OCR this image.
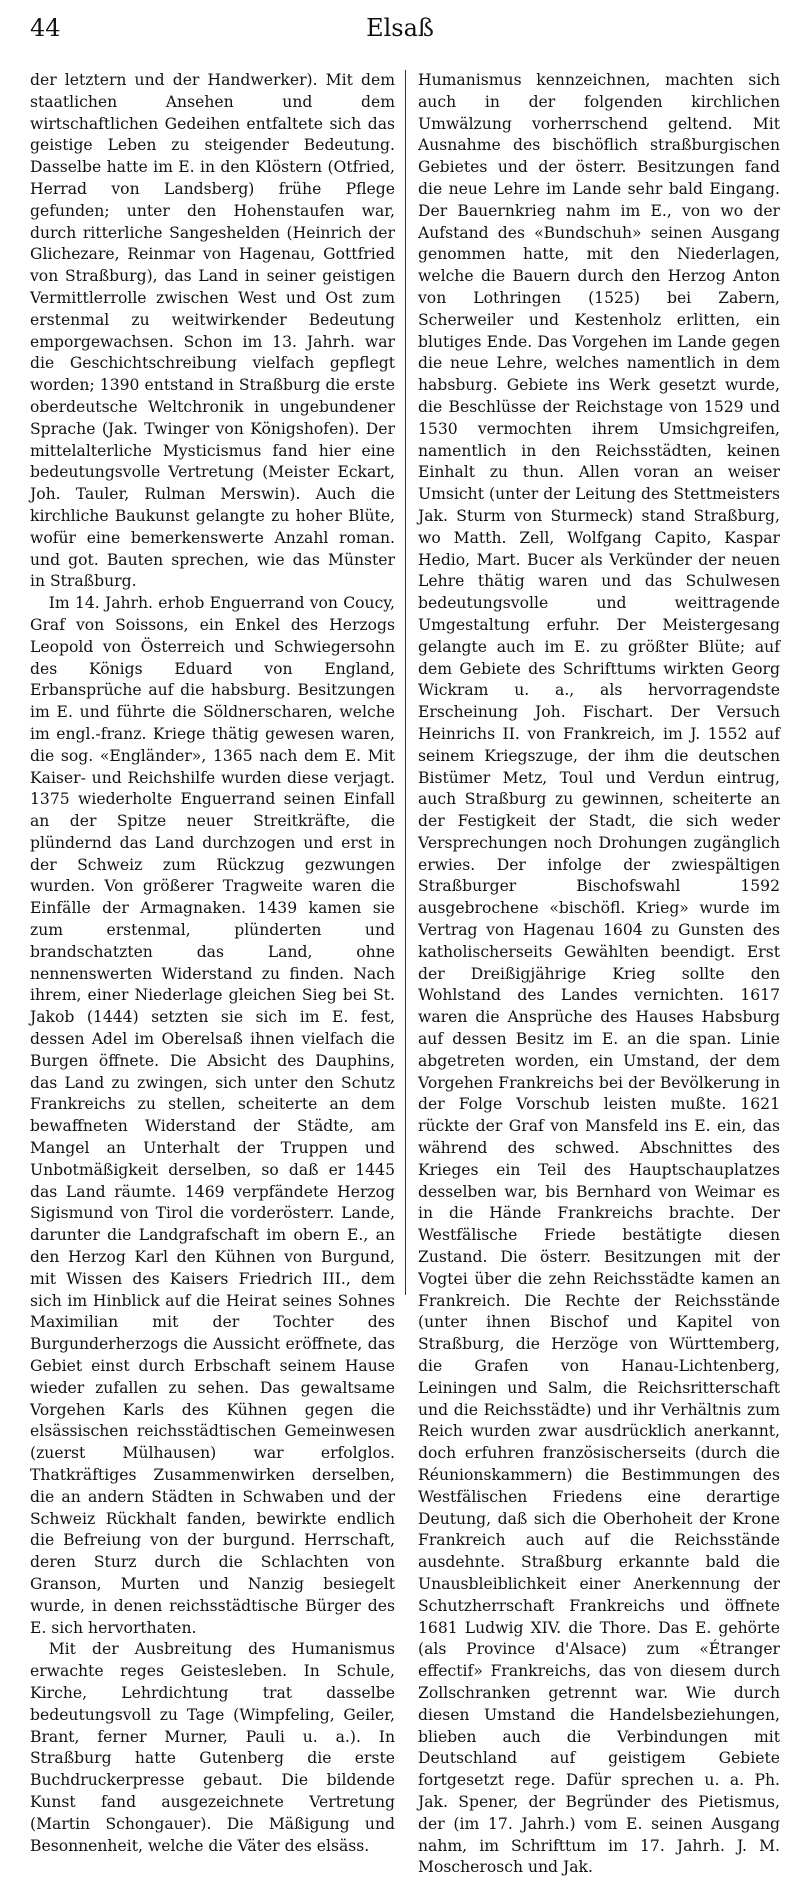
44	Elsaß

der letztern und der Handwerker). Mit dem staatlichen Ansehen und dem wirtschaftlichen Gedeihen entfaltete sich das geistige Leben zu steigender Bedeutung. Dasselbe hatte im E. in den Klöstern (Otfried, Herrad von Landsberg) frühe Pflege gefunden; unter den Hohenstaufen war, durch ritterliche Sangeshelden (Heinrich der Glichezare, Reinmar von Hagenau, Gottfried von Straßburg), das Land in seiner geistigen Vermittlerrolle zwischen West und Ost zum erstenmal zu weitwirkender Bedeutung emporgewachsen. Schon im 13. Jahrh. war die Geschichtschreibung vielfach gepflegt worden; 1390 entstand in Straßburg die erste oberdeutsche Weltchronik in ungebundener Sprache (Jak. Twinger von Königshofen). Der mittelalterliche Mysticismus fand hier eine bedeutungsvolle Vertretung (Meister Eckart, Joh. Tauler, Rulman Merswin). Auch die kirchliche Baukunst gelangte zu hoher Blüte, wofür eine bemerkenswerte Anzahl roman. und got. Bauten sprechen, wie das Münster in Straßburg.

Im 14. Jahrh. erhob Enguerrand von Coucy, Graf von Soissons, ein Enkel des Herzogs Leopold von Österreich und Schwiegersohn des Königs Eduard von England, Erbansprüche auf die habsburg. Besitzungen im E. und führte die Söldnerscharen, welche im engl.-franz. Kriege thätig gewesen waren, die sog. «Engländer», 1365 nach dem E. Mit Kaiser- und Reichshilfe wurden diese verjagt. 1375 wiederholte Enguerrand seinen Einfall an der Spitze neuer Streitkräfte, die plündernd das Land durchzogen und erst in der Schweiz zum Rückzug gezwungen wurden. Von größerer Tragweite waren die Einfälle der Armagnaken. 1439 kamen sie zum erstenmal, plünderten und brandschatzten das Land, ohne nennenswerten Widerstand zu finden. Nach ihrem, einer Niederlage gleichen Sieg bei St. Jakob (1444) setzten sie sich im E. fest, dessen Adel im Oberelsaß ihnen vielfach die Burgen öffnete. Die Absicht des Dauphins, das Land zu zwingen, sich unter den Schutz Frankreichs zu stellen, scheiterte an dem bewaffneten Widerstand der Städte, am Mangel an Unterhalt der Truppen und Unbotmäßigkeit derselben, so daß er 1445 das Land räumte. 1469 verpfändete Herzog Sigismund von Tirol die vorderösterr. Lande, darunter die Landgrafschaft im obern E., an den Herzog Karl den Kühnen von Burgund, mit Wissen des Kaisers Friedrich III., dem sich im Hinblick auf die Heirat seines Sohnes Maximilian mit der Tochter des Burgunderherzogs die Aussicht eröffnete, das Gebiet einst durch Erbschaft seinem Hause wieder zufallen zu sehen. Das gewaltsame Vorgehen Karls des Kühnen gegen die elsässischen reichsstädtischen Gemeinwesen (zuerst Mülhausen) war erfolglos. Thatkräftiges Zusammenwirken derselben, die an andern Städten in Schwaben und der Schweiz Rückhalt fanden, bewirkte endlich die Befreiung von der burgund. Herrschaft, deren Sturz durch die Schlachten von Granson, Murten und Nanzig besiegelt wurde, in denen reichsstädtische Bürger des E. sich hervorthaten.

Mit der Ausbreitung des Humanismus erwachte reges Geistesleben. In Schule, Kirche, Lehrdichtung trat dasselbe bedeutungsvoll zu Tage (Wimpfeling, Geiler, Brant, ferner Murner, Pauli u. a.). In Straßburg hatte Gutenberg die erste Buchdruckerpresse gebaut. Die bildende Kunst fand ausgezeichnete Vertretung (Martin Schongauer). Die Mäßigung und Besonnenheit, welche die Väter des elsäss.

Humanismus kennzeichnen, machten sich auch in der folgenden kirchlichen Umwälzung vorherrschend geltend. Mit Ausnahme des bischöflich straßburgischen Gebietes und der österr. Besitzungen fand die neue Lehre im Lande sehr bald Eingang. Der Bauernkrieg nahm im E., von wo der Aufstand des «Bundschuh» seinen Ausgang genommen hatte, mit den Niederlagen, welche die Bauern durch den Herzog Anton von Lothringen (1525) bei Zabern, Scherweiler und Kestenholz erlitten, ein blutiges Ende. Das Vorgehen im Lande gegen die neue Lehre, welches namentlich in dem habsburg. Gebiete ins Werk gesetzt wurde, die Beschlüsse der Reichstage von 1529 und 1530 vermochten ihrem Umsichgreifen, namentlich in den Reichsstädten, keinen Einhalt zu thun. Allen voran an weiser Umsicht (unter der Leitung des Stettmeisters Jak. Sturm von Sturmeck) stand Straßburg, wo Matth. Zell, Wolfgang Capito, Kaspar Hedio, Mart. Bucer als Verkünder der neuen Lehre thätig waren und das Schulwesen bedeutungsvolle und weittragende Umgestaltung erfuhr. Der Meistergesang gelangte auch im E. zu größter Blüte; auf dem Gebiete des Schrifttums wirkten Georg Wickram u. a., als hervorragendste Erscheinung Joh. Fischart. Der Versuch Heinrichs II. von Frankreich, im J. 1552 auf seinem Kriegszuge, der ihm die deutschen Bistümer Metz, Toul und Verdun eintrug, auch Straßburg zu gewinnen, scheiterte an der Festigkeit der Stadt, die sich weder Versprechungen noch Drohungen zugänglich erwies. Der infolge der zwiespältigen Straßburger Bischofswahl 1592 ausgebrochene «bischöfl. Krieg» wurde im Vertrag von Hagenau 1604 zu Gunsten des katholischerseits Gewählten beendigt. Erst der Dreißigjährige Krieg sollte den Wohlstand des Landes vernichten. 1617 waren die Ansprüche des Hauses Habsburg auf dessen Besitz im E. an die span. Linie abgetreten worden, ein Umstand, der dem Vorgehen Frankreichs bei der Bevölkerung in der Folge Vorschub leisten mußte. 1621 rückte der Graf von Mansfeld ins E. ein, das während des schwed. Abschnittes des Krieges ein Teil des Hauptschauplatzes desselben war, bis Bernhard von Weimar es in die Hände Frankreichs brachte. Der Westfälische Friede bestätigte diesen Zustand. Die österr. Besitzungen mit der Vogtei über die zehn Reichsstädte kamen an Frankreich. Die Rechte der Reichsstände (unter ihnen Bischof und Kapitel von Straßburg, die Herzöge von Württemberg, die Grafen von Hanau-Lichtenberg, Leiningen und Salm, die Reichsritterschaft und die Reichsstädte) und ihr Verhältnis zum Reich wurden zwar ausdrücklich anerkannt, doch erfuhren französischerseits (durch die Réunionskammern) die Bestimmungen des Westfälischen Friedens eine derartige Deutung, daß sich die Oberhoheit der Krone Frankreich auch auf die Reichsstände ausdehnte. Straßburg erkannte bald die Unausbleiblichkeit einer Anerkennung der Schutzherrschaft Frankreichs und öffnete 1681 Ludwig XIV. die Thore. Das E. gehörte (als Province d'Alsace) zum «Étranger effectif» Frankreichs, das von diesem durch Zollschranken getrennt war. Wie durch diesen Umstand die Handelsbeziehungen, blieben auch die Verbindungen mit Deutschland auf geistigem Gebiete fortgesetzt rege. Dafür sprechen u. a. Ph. Jak. Spener, der Begründer des Pietismus, der (im 17. Jahrh.) vom E. seinen Ausgang nahm, im Schrifttum im 17. Jahrh. J. M. Moscherosch und Jak.
